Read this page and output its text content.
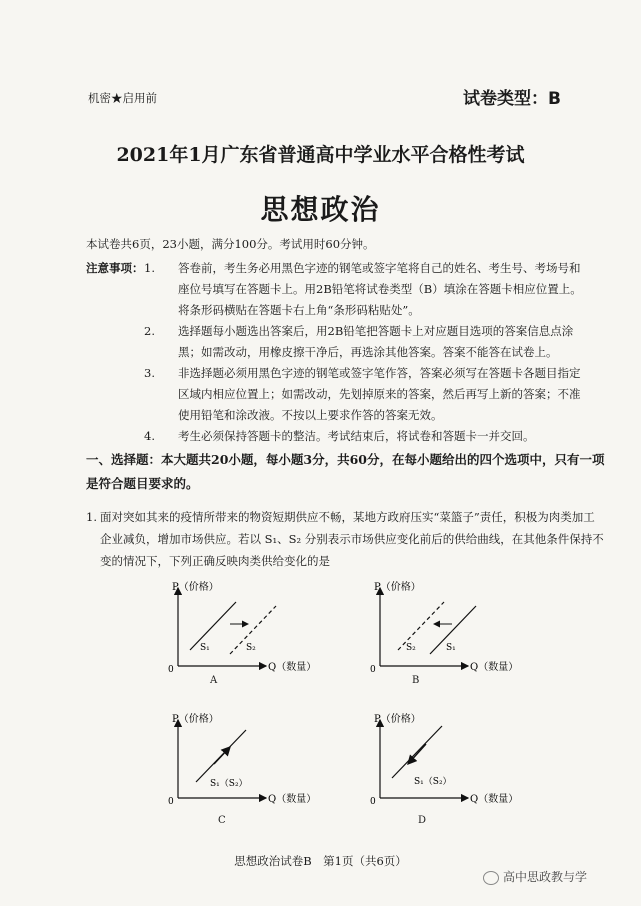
机密★启用前	试卷类型：B
2021年1月广东省普通高中学业水平合格性考试
思想政治
本试卷共6页，23小题，满分100分。考试用时60分钟。
注意事项： 1. 答卷前，考生务必用黑色字迹的钢笔或签字笔将自己的姓名、考生号、考场号和座位号填写在答题卡上。用2B铅笔将试卷类型（B）填涂在答题卡相应位置上。将条形码横贴在答题卡右上角“条形码粘贴处”。
2. 选择题每小题选出答案后，用2B铅笔把答题卡上对应题目选项的答案信息点涂黑；如需改动，用橡皮擦干净后，再选涂其他答案。答案不能答在试卷上。
3. 非选择题必须用黑色字迹的钢笔或签字笔作答，答案必须写在答题卡各题目指定区域内相应位置上；如需改动，先划掉原来的答案，然后再写上新的答案；不准使用铅笔和涂改液。不按以上要求作答的答案无效。
4. 考生必须保持答题卡的整洁。考试结束后，将试卷和答题卡一并交回。
一、选择题：本大题共20小题，每小题3分，共60分，在每小题给出的四个选项中，只有一项是符合题目要求的。
1. 面对突如其来的疫情所带来的物资短期供应不畅，某地方政府压实“菜篮子”责任，积极为肉类加工企业减负，增加市场供应。若以 S₁、S₂ 分别表示市场供应变化前后的供给曲线，在其他条件保持不变的情况下，下列正确反映肉类供给变化的是
P（价格）
Q（数量）
0
S₁	S₂
A
P（价格）
Q（数量）
0
S₂	S₁
B
P（价格）
Q（数量）
0
S₁（S₂）
C
P（价格）
Q（数量）
0
S₁（S₂）
D
思想政治试卷B　第1页（共6页）
高中思政教与学
